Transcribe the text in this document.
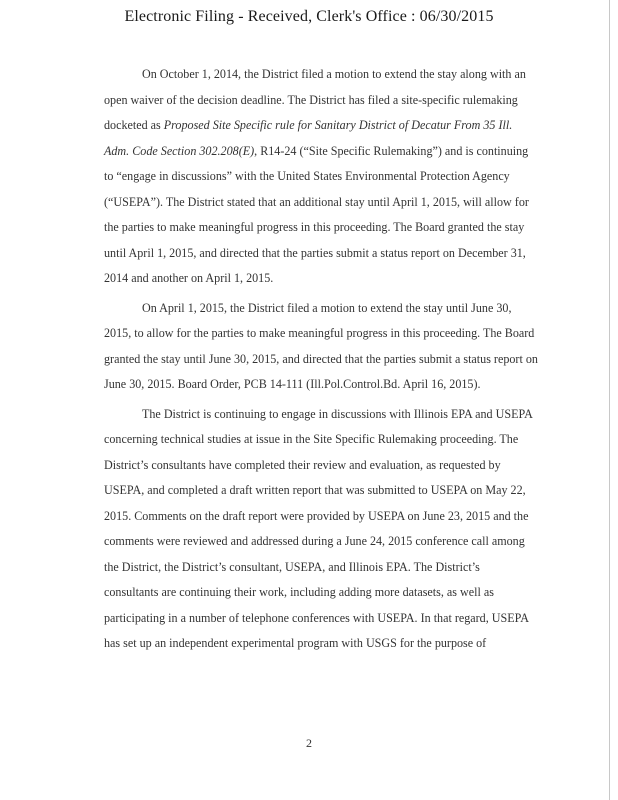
Electronic Filing - Received, Clerk's Office : 06/30/2015
On October 1, 2014, the District filed a motion to extend the stay along with an
open waiver of the decision deadline. The District has filed a site-specific rulemaking
docketed as Proposed Site Specific rule for Sanitary District of Decatur From 35 Ill.
Adm. Code Section 302.208(E), R14-24 (“Site Specific Rulemaking”) and is continuing
to “engage in discussions” with the United States Environmental Protection Agency
(“USEPA”). The District stated that an additional stay until April 1, 2015, will allow for
the parties to make meaningful progress in this proceeding. The Board granted the stay
until April 1, 2015, and directed that the parties submit a status report on December 31,
2014 and another on April 1, 2015.
On April 1, 2015, the District filed a motion to extend the stay until June 30,
2015, to allow for the parties to make meaningful progress in this proceeding. The Board
granted the stay until June 30, 2015, and directed that the parties submit a status report on
June 30, 2015. Board Order, PCB 14-111 (Ill.Pol.Control.Bd. April 16, 2015).
The District is continuing to engage in discussions with Illinois EPA and USEPA
concerning technical studies at issue in the Site Specific Rulemaking proceeding. The
District’s consultants have completed their review and evaluation, as requested by
USEPA, and completed a draft written report that was submitted to USEPA on May 22,
2015. Comments on the draft report were provided by USEPA on June 23, 2015 and the
comments were reviewed and addressed during a June 24, 2015 conference call among
the District, the District’s consultant, USEPA, and Illinois EPA. The District’s
consultants are continuing their work, including adding more datasets, as well as
participating in a number of telephone conferences with USEPA. In that regard, USEPA
has set up an independent experimental program with USGS for the purpose of
2
